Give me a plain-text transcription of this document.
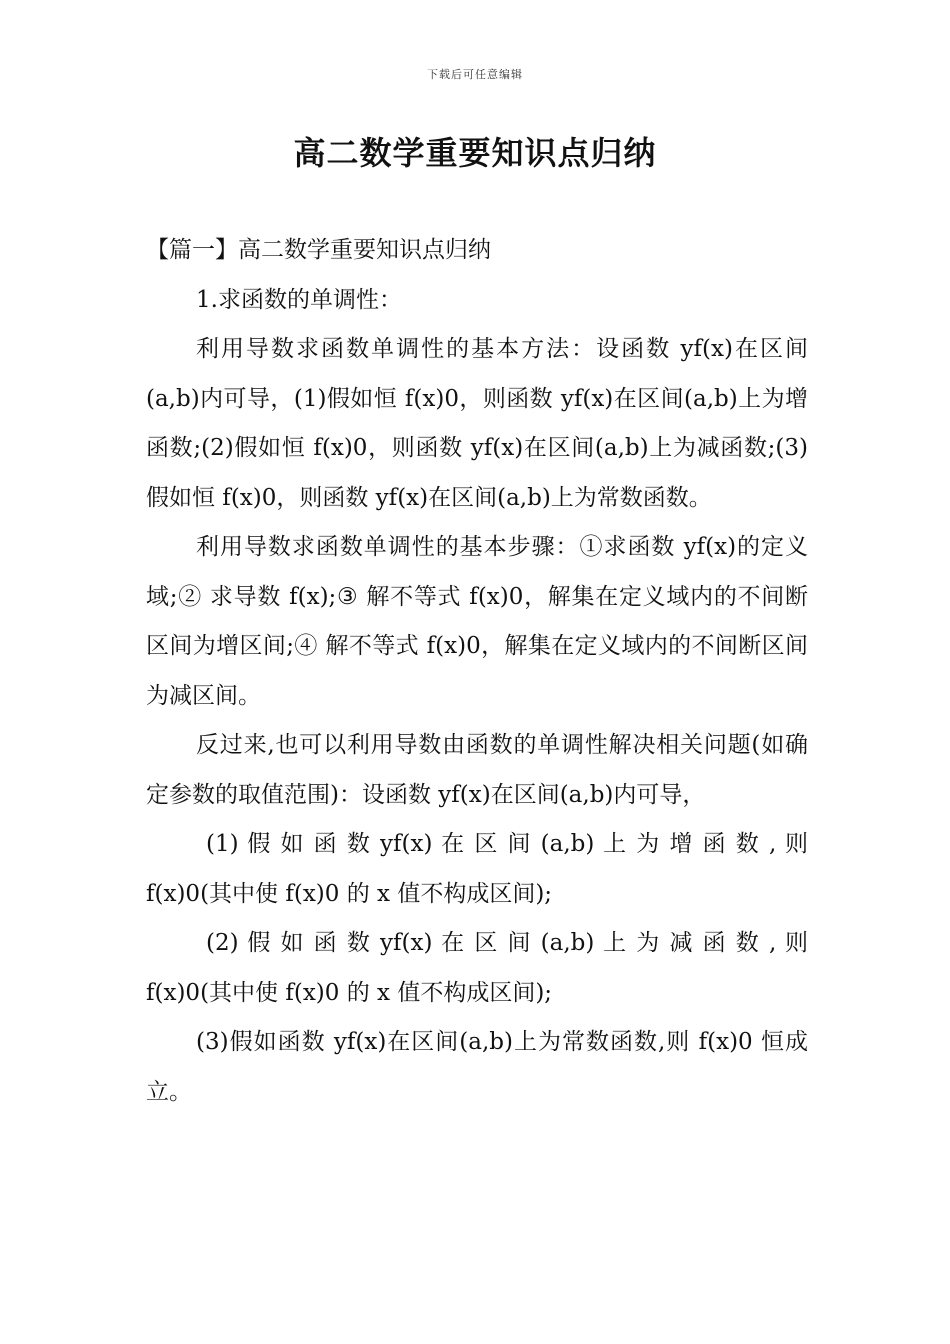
下载后可任意编辑
高二数学重要知识点归纳

【篇一】高二数学重要知识点归纳

1.求函数的单调性：

利用导数求函数单调性的基本方法：设函数 yf(x)在区间(a,b)内可导，(1)假如恒 f(x)0，则函数 yf(x)在区间(a,b)上为增函数;(2)假如恒 f(x)0，则函数 yf(x)在区间(a,b)上为减函数;(3)假如恒 f(x)0，则函数 yf(x)在区间(a,b)上为常数函数。

利用导数求函数单调性的基本步骤：①求函数 yf(x)的定义域;② 求导数 f(x);③ 解不等式 f(x)0，解集在定义域内的不间断区间为增区间;④ 解不等式 f(x)0，解集在定义域内的不间断区间为减区间。

反过来,也可以利用导数由函数的单调性解决相关问题(如确定参数的取值范围)：设函数 yf(x)在区间(a,b)内可导，

(1) 假 如 函 数 yf(x) 在 区 间 (a,b) 上 为 增 函 数 , 则 f(x)0(其中使 f(x)0 的 x 值不构成区间);

(2) 假 如 函 数 yf(x) 在 区 间 (a,b) 上 为 减 函 数 , 则 f(x)0(其中使 f(x)0 的 x 值不构成区间);

(3)假如函数 yf(x)在区间(a,b)上为常数函数,则 f(x)0 恒成立。
